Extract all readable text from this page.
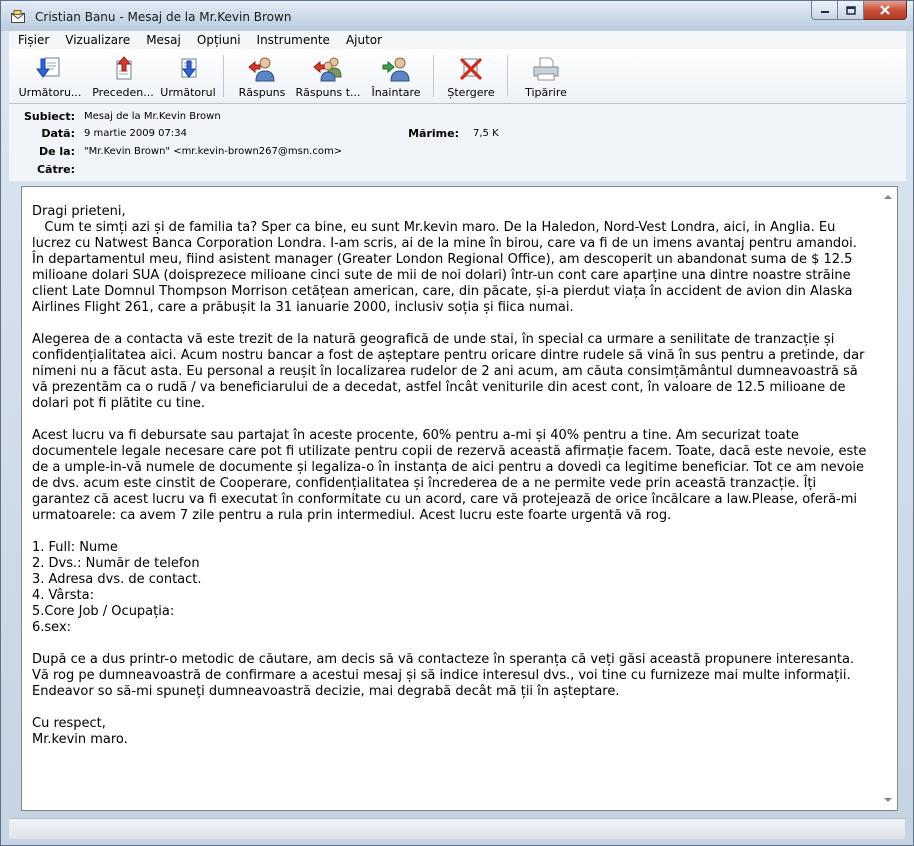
Cristian Banu - Mesaj de la Mr.Kevin Brown
Fișier	Vizualizare	Mesaj	Opțiuni	Instrumente	Ajutor
Următoru... Preceden... Următorul	Răspuns Răspuns t... Înaintare	Ștergere	Tipărire
Subiect: Mesaj de la Mr.Kevin Brown
Dată: 9 martie 2009 07:34	Mărime: 7,5 K
De la: "Mr.Kevin Brown" <mr.kevin-brown267@msn.com>
Către:

Dragi prieteni,
Cum te simți azi și de familia ta? Sper ca bine, eu sunt Mr.kevin maro. De la Haledon, Nord-Vest Londra, aici, in Anglia. Eu lucrez cu Natwest Banca Corporation Londra. I-am scris, ai de la mine în birou, care va fi de un imens avantaj pentru amandoi. În departamentul meu, fiind asistent manager (Greater London Regional Office), am descoperit un abandonat suma de $ 12.5 milioane dolari SUA (doisprezece milioane cinci sute de mii de noi dolari) într-un cont care aparține una dintre noastre străine client Late Domnul Thompson Morrison cetățean american, care, din păcate, și-a pierdut viața în accident de avion din Alaska Airlines Flight 261, care a prăbușit la 31 ianuarie 2000, inclusiv soția și fiica numai.

Alegerea de a contacta vă este trezit de la natură geografică de unde stai, în special ca urmare a senilitate de tranzacție și confidențialitatea aici. Acum nostru bancar a fost de așteptare pentru oricare dintre rudele să vină în sus pentru a pretinde, dar nimeni nu a făcut asta. Eu personal a reușit în localizarea rudelor de 2 ani acum, am căuta consimțământul dumneavoastră să vă prezentăm ca o rudă / va beneficiarului de a decedat, astfel încât veniturile din acest cont, în valoare de 12.5 milioane de dolari pot fi plătite cu tine.

Acest lucru va fi debursate sau partajat în aceste procente, 60% pentru a-mi și 40% pentru a tine. Am securizat toate documentele legale necesare care pot fi utilizate pentru copii de rezervă această afirmație facem. Toate, dacă este nevoie, este de a umple-in-vă numele de documente și legaliza-o în instanța de aici pentru a dovedi ca legitime beneficiar. Tot ce am nevoie de dvs. acum este cinstit de Cooperare, confidențialitatea și încrederea de a ne permite vede prin această tranzacție. Îți garantez că acest lucru va fi executat în conformitate cu un acord, care vă protejează de orice încălcare a law.Please, oferă-mi urmatoarele: ca avem 7 zile pentru a rula prin intermediul. Acest lucru este foarte urgentă vă rog.

1. Full: Nume
2. Dvs.: Număr de telefon
3. Adresa dvs. de contact.
4. Vârsta:
5.Core Job / Ocupația:
6.sex:

După ce a dus printr-o metodic de căutare, am decis să vă contacteze în speranța că veți găsi această propunere interesanta. Vă rog pe dumneavoastră de confirmare a acestui mesaj și să indice interesul dvs., voi tine cu furnizeze mai multe informații. Endeavor so să-mi spuneți dumneavoastră decizie, mai degrabă decât mă ții în așteptare.

Cu respect,
Mr.kevin maro.
